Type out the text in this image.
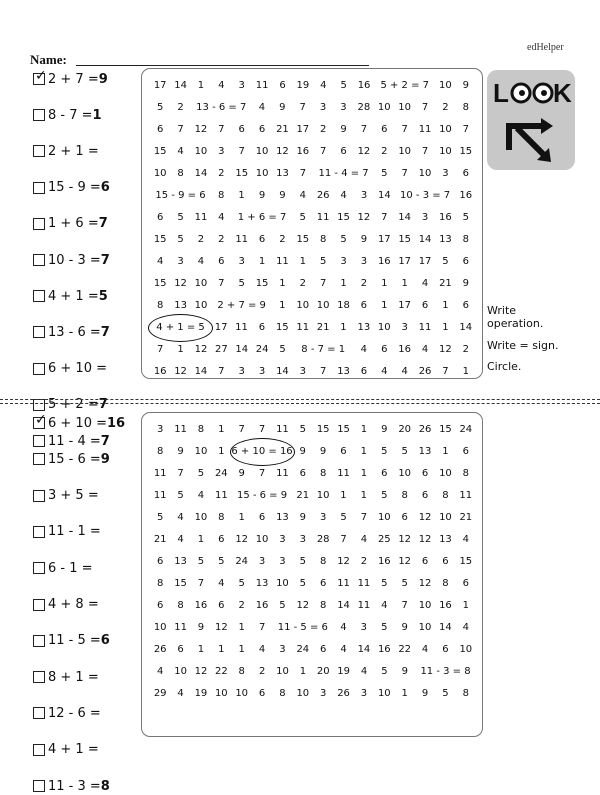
edHelper
Name:
✓ 2 + 7 = 9
8 - 7 = 1
2 + 1 =
15 - 9 = 6
1 + 6 = 7
10 - 3 = 7
4 + 1 = 5
13 - 6 = 7
6 + 10 =
5 + 2 = 7
11 - 4 = 7
17 14 1 4 3 11 6 19 4 5 16 5 + 2 = 7 10 9
5 2 13 - 6 = 7 4 9 7 3 3 28 10 10 7 2 8
6 7 12 7 6 6 21 17 2 9 7 6 7 11 10 7
15 4 10 3 7 10 12 16 7 6 12 2 10 7 10 15
10 8 14 2 15 10 13 7 11 - 4 = 7 5 7 10 3 6
15 - 9 = 6 8 1 9 9 4 26 4 3 14 10 - 3 = 7 16
6 5 11 4 1 + 6 = 7 5 11 15 12 7 14 3 16 5
15 5 2 2 11 6 2 15 8 5 9 17 15 14 13 8
4 3 4 6 3 1 11 1 5 3 3 16 17 17 5 6
15 12 10 7 5 15 1 2 7 1 2 1 1 4 21 9
8 13 10 2 + 7 = 9 1 10 10 18 6 1 17 6 1 6
4 + 1 = 5 17 11 6 15 11 21 1 13 10 3 11 1 14
7 1 12 27 14 24 5 8 - 7 = 1 4 6 16 4 12 2
16 12 14 7 3 3 14 3 7 13 6 4 4 26 7 1
✓ 6 + 10 = 16
15 - 6 = 9
3 + 5 =
11 - 1 =
6 - 1 =
4 + 8 =
11 - 5 = 6
8 + 1 =
12 - 6 =
4 + 1 =
11 - 3 = 8
3 11 8 1 7 7 11 5 15 15 1 9 20 26 15 24
8 9 10 1 6 + 10 = 16 9 9 6 1 5 5 13 1 6
11 7 5 24 9 7 11 6 8 11 1 6 10 6 10 8
11 5 4 11 15 - 6 = 9 21 10 1 1 5 8 6 8 11
5 4 10 8 1 6 13 9 3 5 7 10 6 12 10 21
21 4 1 6 12 10 3 3 28 7 4 25 12 12 13 4
6 13 5 5 24 3 3 5 8 12 2 16 12 6 6 15
8 15 7 4 5 13 10 5 6 11 11 5 5 12 8 6
6 8 16 6 2 16 5 12 8 14 11 4 7 10 16 1
10 11 9 12 1 7 11 - 5 = 6 4 3 5 9 10 14 4
26 6 1 1 1 4 3 24 6 4 14 16 22 4 6 10
4 10 12 22 8 2 10 1 20 19 4 5 9 11 - 3 = 8
29 4 19 10 10 6 8 10 3 26 3 10 1 9 5 8
L K
Write
operation.
Write = sign.
Circle.
